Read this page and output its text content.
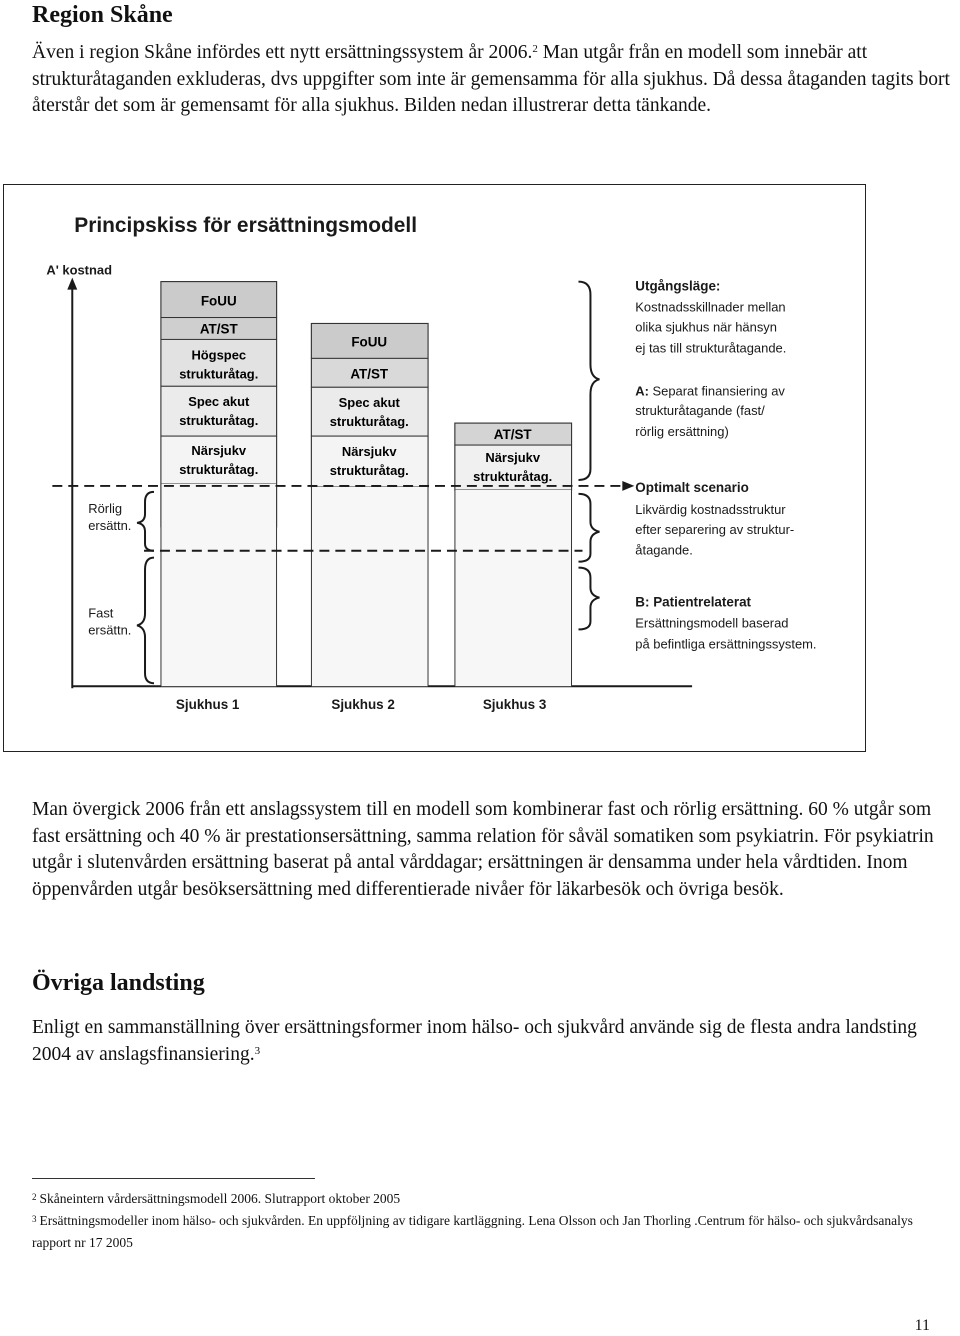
Region Skåne

Även i region Skåne infördes ett nytt ersättningssystem år 2006.$^2$ Man utgår från en modell som innebär att strukturåtaganden exkluderas, dvs uppgifter som inte är gemensamma för alla sjukhus. Då dessa åtaganden tagits bort återstår det som är gemensamt för alla sjukhus. Bilden nedan illustrerar detta tänkande.

Principskiss för ersättningsmodell
A' kostnad
FoUU
AT/ST
Högspec
strukturåtag.
Spec akut
strukturåtag.
Närsjukv
strukturåtag.
FoUU
AT/ST
Spec akut
strukturåtag.
Närsjukv
strukturåtag.
AT/ST
Närsjukv
strukturåtag.
Rörlig
ersättn.
Fast
ersättn.
Sjukhus 1	Sjukhus 2	Sjukhus 3
Utgångsläge:
Kostnadsskillnader mellan
olika sjukhus när hänsyn
ej tas till strukturåtagande.
A: Separat finansiering av
strukturåtagande (fast/
rörlig ersättning)
Optimalt scenario
Likvärdig kostnadsstruktur
efter separering av struktur-
åtagande.
B: Patientrelaterat
Ersättningsmodell baserad
på befintliga ersättningssystem.

Man övergick 2006 från ett anslagssystem till en modell som kombinerar fast och rörlig ersättning. 60 % utgår som fast ersättning och 40 % är prestationsersättning, samma relation för såväl somatiken som psykiatrin. För psykiatrin utgår i slutenvården ersättning baserat på antal vårddagar; ersättningen är densamma under hela vårdtiden. Inom öppenvården utgår besöksersättning med differentierade nivåer för läkarbesök och övriga besök.

Övriga landsting

Enligt en sammanställning över ersättningsformer inom hälso- och sjukvård använde sig de flesta andra landsting 2004 av anslagsfinansiering.$^3$

$^2$ Skåneintern vårdersättningsmodell 2006. Slutrapport oktober 2005

$^3$ Ersättningsmodeller inom hälso- och sjukvården. En uppföljning av tidigare kartläggning. Lena Olsson och Jan Thorling .Centrum för hälso- och sjukvårdsanalys rapport nr 17 2005

11
